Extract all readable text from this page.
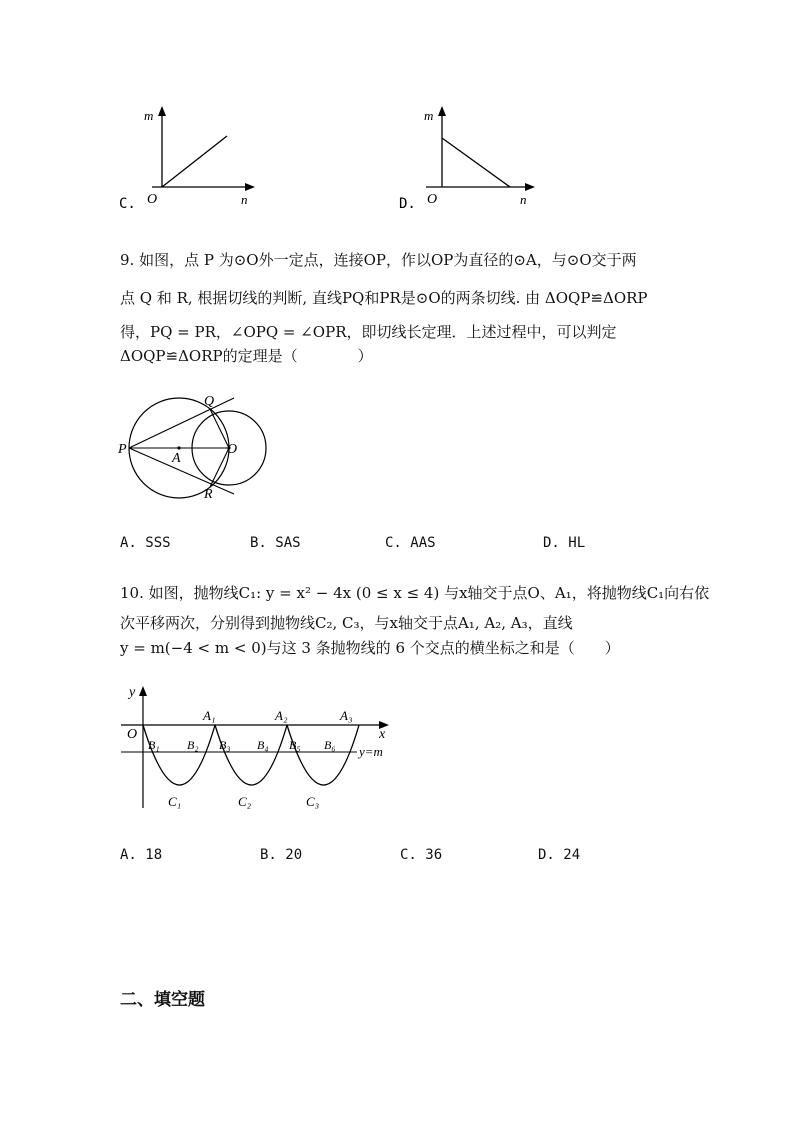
m
O	n
C.
m
O	n
D.
9. 如图，点 P 为⊙O外一定点，连接OP，作以OP为直径的⊙A，与⊙O交于两
点 Q 和 R, 根据切线的判断, 直线PQ和PR是⊙O的两条切线. 由 ΔOQP≌ΔORP
得，PQ = PR，∠OPQ = ∠OPR，即切线长定理．上述过程中，可以判定
ΔOQP≌ΔORP的定理是（　　　　）
P
Q
R
O
A
A. SSS	B. SAS	C. AAS	D. HL
10. 如图，抛物线C₁: y = x² − 4x (0 ≤ x ≤ 4) 与x轴交于点O、A₁，将抛物线C₁向右依
次平移两次，分别得到抛物线C₂, C₃，与x轴交于点A₁, A₂, A₃，直线
y = m(−4 < m < 0)与这 3 条抛物线的 6 个交点的横坐标之和是（　　）
y
x
O
y=m
A₁	A₂	A₃
B₁ B₂ B₃ B₄ B₅ B₆
C₁	C₂	C₃
A. 18	B. 20	C. 36	D. 24
二、填空题
